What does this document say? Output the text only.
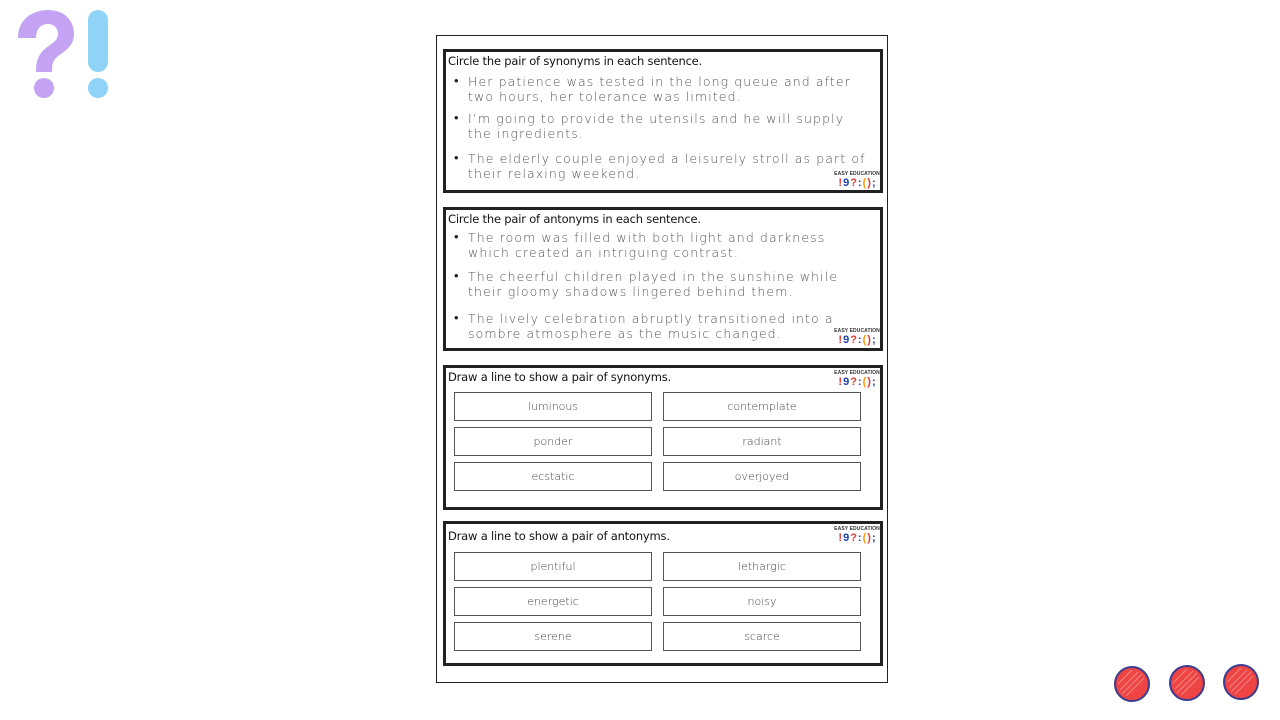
Circle the pair of synonyms in each sentence.
• Her patience was tested in the long queue and after two hours, her tolerance was limited.
• I’m going to provide the utensils and he will supply the ingredients.
• The elderly couple enjoyed a leisurely stroll as part of their relaxing weekend.	EASY EDUCATION
! 9 ? : ( ) ;
Circle the pair of antonyms in each sentence.
• The room was filled with both light and darkness which created an intriguing contrast.
• The cheerful children played in the sunshine while their gloomy shadows lingered behind them.
• The lively celebration abruptly transitioned into a sombre atmosphere as the music changed.	EASY EDUCATION
! 9 ? : ( ) ;
Draw a line to show a pair of synonyms.	EASY EDUCATION
! 9 ? : ( ) ;
luminous	contemplate
ponder	radiant
ecstatic	overjoyed
Draw a line to show a pair of antonyms.	EASY EDUCATION
! 9 ? : ( ) ;
plentiful	lethargic
energetic	noisy
serene	scarce
